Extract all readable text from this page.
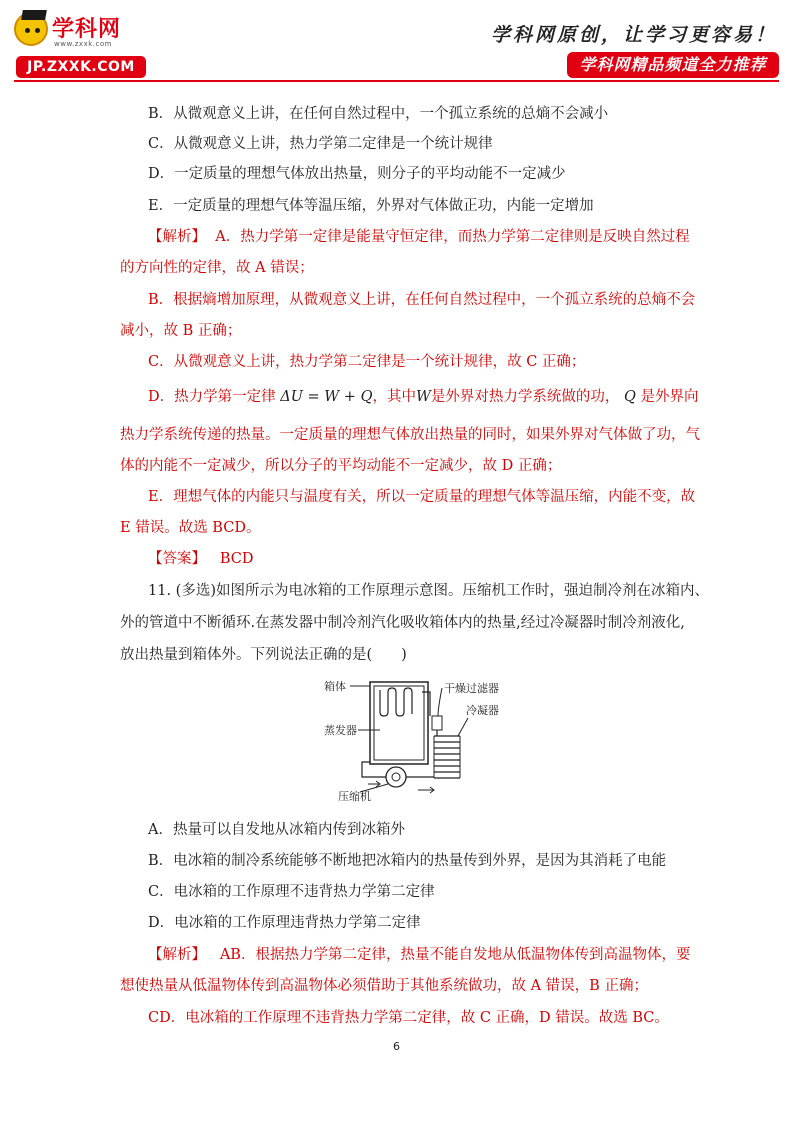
学科网
www.zxxk.com
JP.ZXXK.COM
学科网原创，让学习更容易！
学科网精品频道全力推荐
B．从微观意义上讲，在任何自然过程中，一个孤立系统的总熵不会减小
C．从微观意义上讲，热力学第二定律是一个统计规律
D．一定质量的理想气体放出热量，则分子的平均动能不一定减少
E．一定质量的理想气体等温压缩，外界对气体做正功，内能一定增加
【解析】 A．热力学第一定律是能量守恒定律，而热力学第二定律则是反映自然过程
的方向性的定律，故 A 错误；
B．根据熵增加原理，从微观意义上讲，在任何自然过程中，一个孤立系统的总熵不会
减小，故 B 正确；
C．从微观意义上讲，热力学第二定律是一个统计规律，故 C 正确；
D．热力学第一定律 ΔU = W + Q，其中W是外界对热力学系统做的功， Q 是外界向
热力学系统传递的热量。一定质量的理想气体放出热量的同时，如果外界对气体做了功，气
体的内能不一定减少，所以分子的平均动能不一定减少，故 D 正确；
E．理想气体的内能只与温度有关，所以一定质量的理想气体等温压缩，内能不变，故
E 错误。故选 BCD。
【答案】 BCD
11. (多选)如图所示为电冰箱的工作原理示意图。压缩机工作时，强迫制冷剂在冰箱内、
外的管道中不断循环.在蒸发器中制冷剂汽化吸收箱体内的热量,经过冷凝器时制冷剂液化,
放出热量到箱体外。下列说法正确的是(　　)
箱体	干燥过滤器
冷凝器
蒸发器
压缩机
A．热量可以自发地从冰箱内传到冰箱外
B．电冰箱的制冷系统能够不断地把冰箱内的热量传到外界，是因为其消耗了电能
C．电冰箱的工作原理不违背热力学第二定律
D．电冰箱的工作原理违背热力学第二定律
【解析】 AB．根据热力学第二定律，热量不能自发地从低温物体传到高温物体，要
想使热量从低温物体传到高温物体必须借助于其他系统做功，故 A 错误，B 正确；
CD．电冰箱的工作原理不违背热力学第二定律，故 C 正确，D 错误。故选 BC。
6
